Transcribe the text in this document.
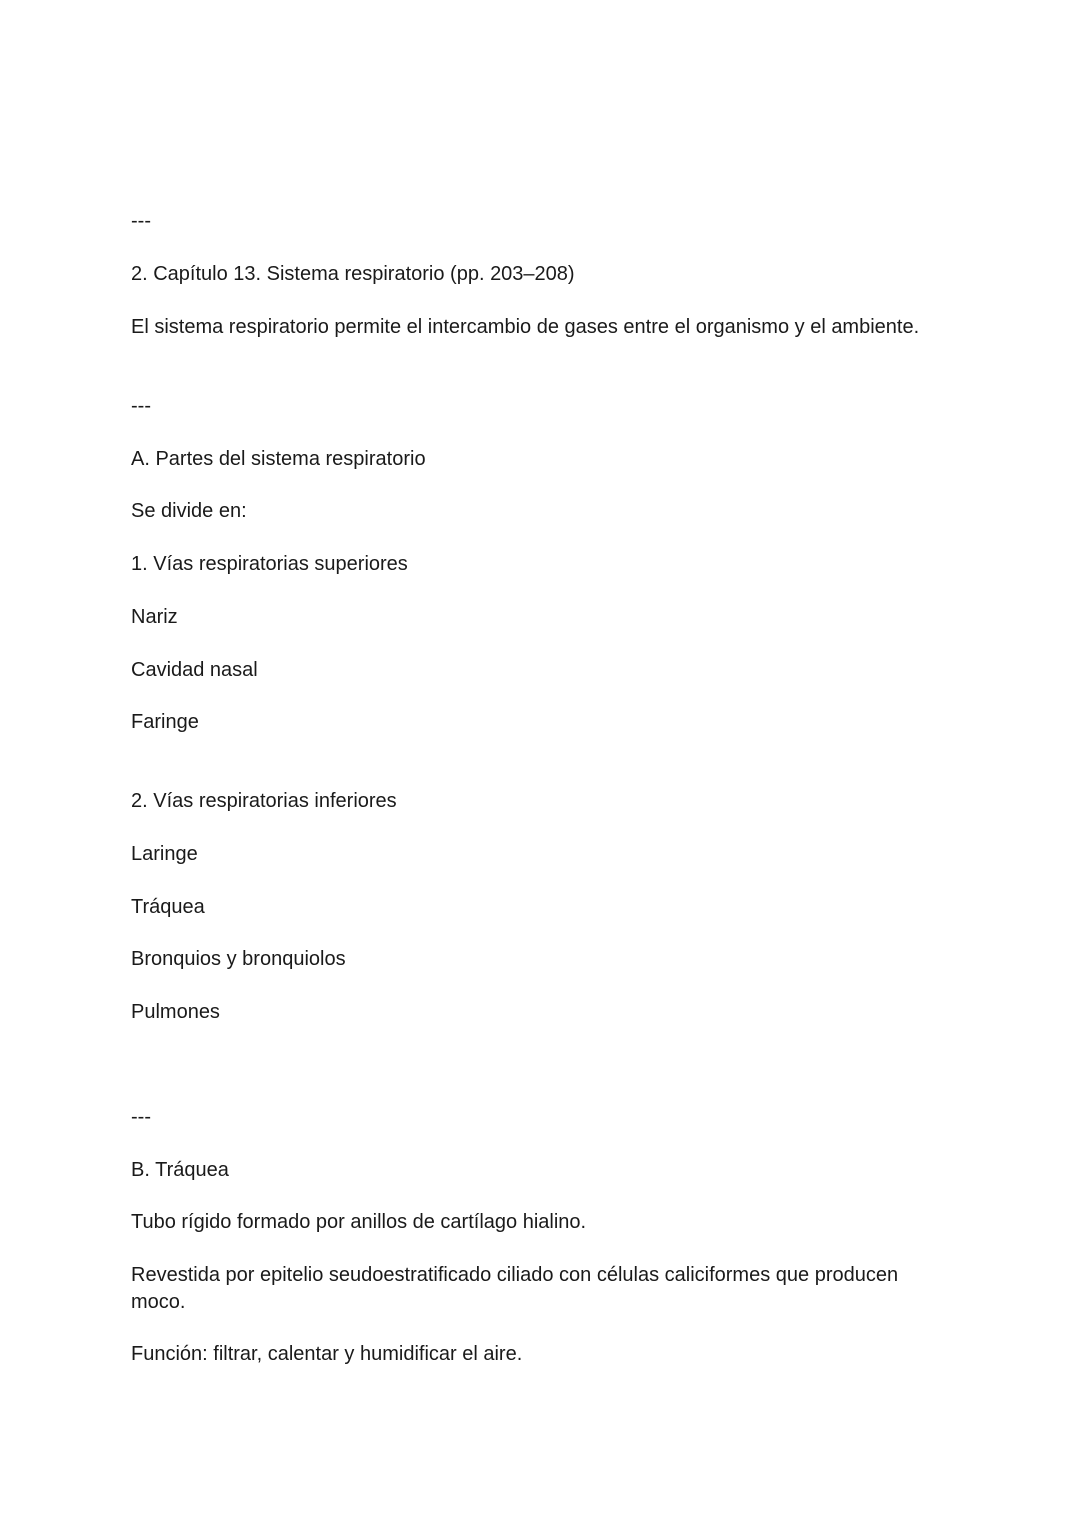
---

2. Capítulo 13. Sistema respiratorio (pp. 203–208)

El sistema respiratorio permite el intercambio de gases entre el organismo y el ambiente.

---

A. Partes del sistema respiratorio

Se divide en:

1. Vías respiratorias superiores

Nariz

Cavidad nasal

Faringe

2. Vías respiratorias inferiores

Laringe

Tráquea

Bronquios y bronquiolos

Pulmones

---

B. Tráquea

Tubo rígido formado por anillos de cartílago hialino.

Revestida por epitelio seudoestratificado ciliado con células caliciformes que producen moco.

Función: filtrar, calentar y humidificar el aire.
